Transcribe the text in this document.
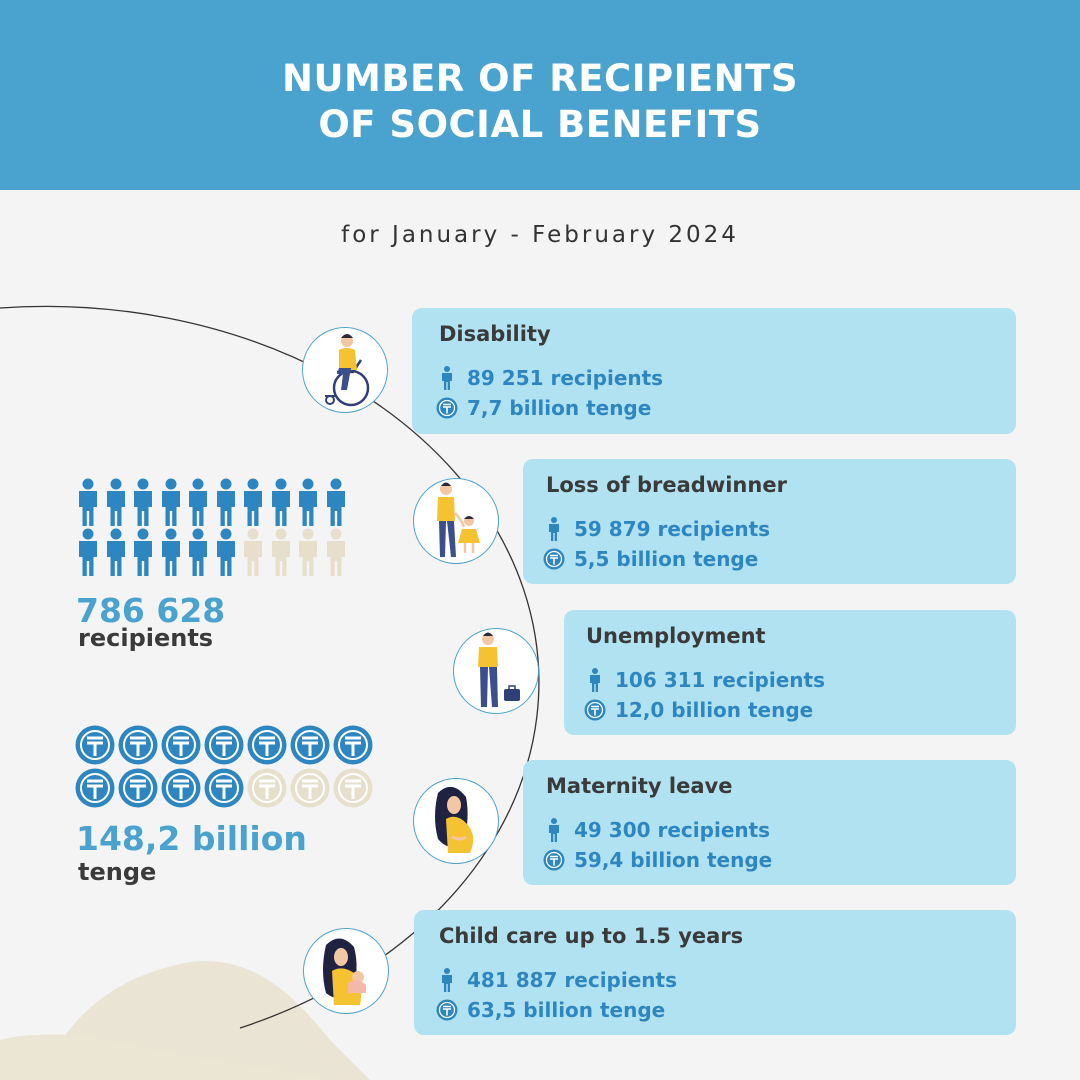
NUMBER OF RECIPIENTS
OF SOCIAL BENEFITS
for January - February 2024
786 628
recipients
148,2 billion
tenge
Disability
89 251 recipients
7,7 billion tenge
Loss of breadwinner
59 879 recipients
5,5 billion tenge
Unemployment
106 311 recipients
12,0 billion tenge
Maternity leave
49 300 recipients
59,4 billion tenge
Child care up to 1.5 years
481 887 recipients
63,5 billion tenge
